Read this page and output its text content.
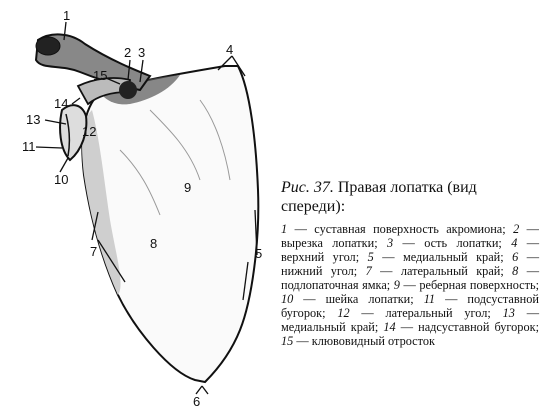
1
2 3	4
5
6
7
8
9
10
11
12
13
14
15

Рис. 37. Правая лопатка (вид спереди):

1 — суставная поверхность акромиона; 2 — вырезка лопатки; 3 — ость лопатки; 4 — верхний угол; 5 — медиальный край; 6 — нижний угол; 7 — латеральный край; 8 — подлопаточная ямка; 9 — реберная поверхность; 10 — шейка лопатки; 11 — подсуставной бугорок; 12 — латеральный угол; 13 — медиальный край; 14 — надсуставной бугорок; 15 — клювовидный отросток
